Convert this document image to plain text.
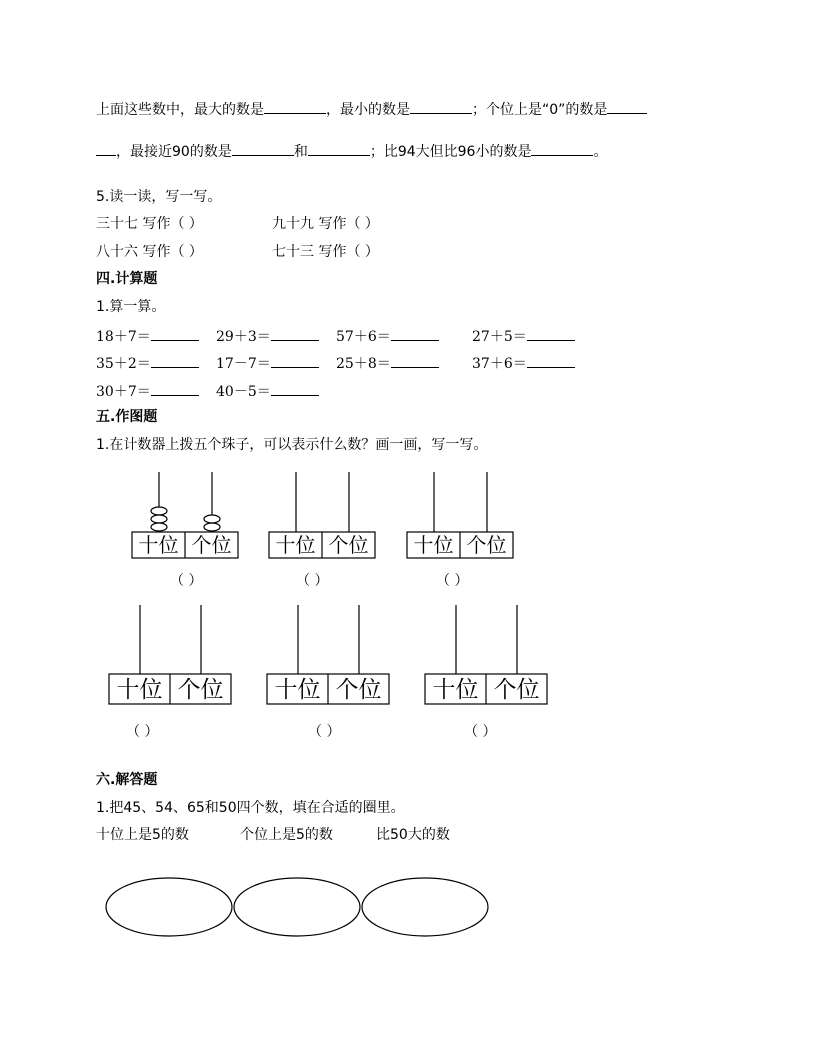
上面这些数中，最大的数是	，最小的数是	；个位上是“0”的数是
，最接近90的数是	和	；比94大但比96小的数是	。
5.读一读，写一写。
三十七 写作（ ）	九十九 写作（ ）
八十六 写作（ ）	七十三 写作（ ）
四.计算题
1.算一算。
18＋7＝	29＋3＝	57＋6＝	27＋5＝
35＋2＝	17－7＝	25＋8＝	37＋6＝
30＋7＝	40－5＝
五.作图题
1.在计数器上拨五个珠子，可以表示什么数？画一画，写一写。
十位 个位
（ ）
十位 个位
（ ）
十位 个位
（ ）
十位 个位
（ ）
十位 个位
（ ）
十位 个位
（ ）
六.解答题
1.把45、54、65和50四个数，填在合适的圈里。
十位上是5的数	个位上是5的数	比50大的数
